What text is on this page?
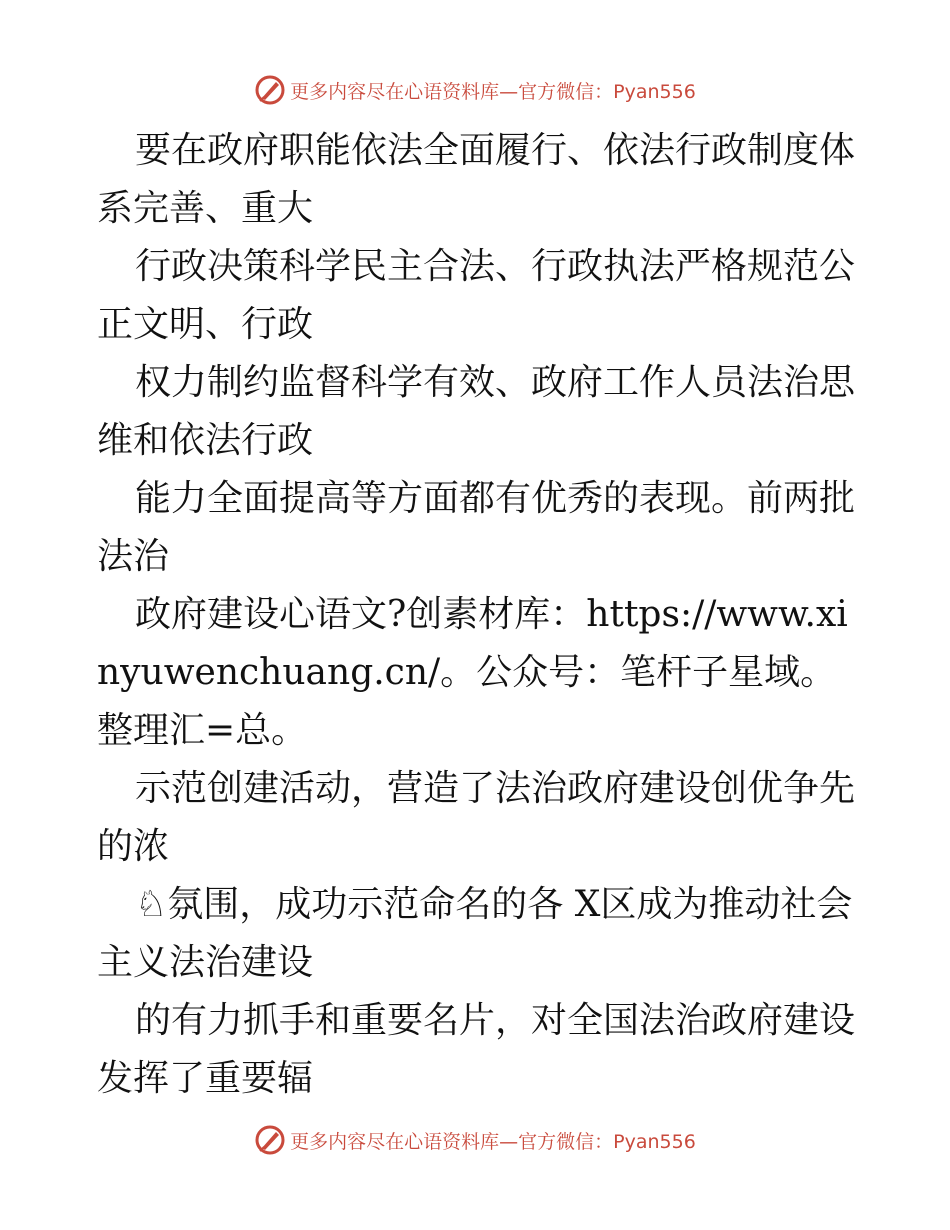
更多内容尽在心语资料库—官方微信：Pyan556

要在政府职能依法全面履行、依法行政制度体系完善、重大

行政决策科学民主合法、行政执法严格规范公正文明、行政

权力制约监督科学有效、政府工作人员法治思维和依法行政

能力全面提高等方面都有优秀的表现。前两批法治

政府建设心语文?创素材库：https://www.xinyuwenchuang.cn/。公众号：笔杆子星域。整理汇=总。

示范创建活动，营造了法治政府建设创优争先的浓

♘氛围，成功示范命名的各 X区成为推动社会主义法治建设

的有力抓手和重要名片，对全国法治政府建设发挥了重要辐

更多内容尽在心语资料库—官方微信：Pyan556
